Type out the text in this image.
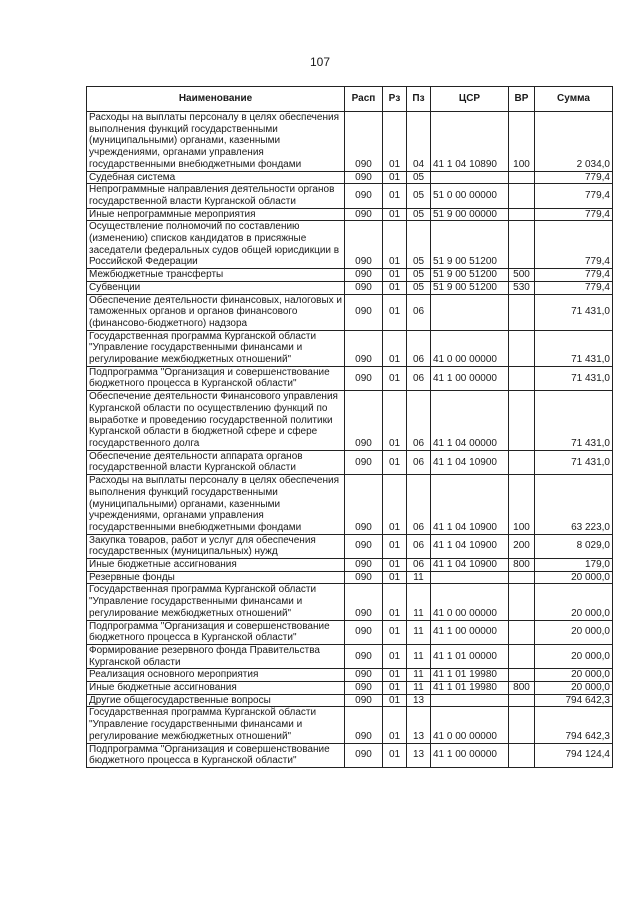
107
Наименование	Расп	Рз	Пз	ЦСР	ВР	Сумма
Расходы на выплаты персоналу в целях обеспечения выполнения функций государственными (муниципальными) органами, казенными учреждениями, органами управления государственными внебюджетными фондами	090	01	04	41 1 04 10890	100	2 034,0
Судебная система	090	01	05			779,4
Непрограммные направления деятельности органов государственной власти Курганской области	090	01	05	51 0 00 00000		779,4
Иные непрограммные мероприятия	090	01	05	51 9 00 00000		779,4
Осуществление полномочий по составлению (изменению) списков кандидатов в присяжные заседатели федеральных судов общей юрисдикции в Российской Федерации	090	01	05	51 9 00 51200		779,4
Межбюджетные трансферты	090	01	05	51 9 00 51200	500	779,4
Субвенции	090	01	05	51 9 00 51200	530	779,4
Обеспечение деятельности финансовых, налоговых и таможенных органов и органов финансового (финансово-бюджетного) надзора	090	01	06			71 431,0
Государственная программа Курганской области "Управление государственными финансами и регулирование межбюджетных отношений"	090	01	06	41 0 00 00000		71 431,0
Подпрограмма "Организация и совершенствование бюджетного процесса в Курганской области"	090	01	06	41 1 00 00000		71 431,0
Обеспечение деятельности Финансового управления Курганской области по осуществлению функций по выработке и проведению государственной политики Курганской области в бюджетной сфере и сфере государственного долга	090	01	06	41 1 04 00000		71 431,0
Обеспечение деятельности аппарата органов государственной власти Курганской области	090	01	06	41 1 04 10900		71 431,0
Расходы на выплаты персоналу в целях обеспечения выполнения функций государственными (муниципальными) органами, казенными учреждениями, органами управления государственными внебюджетными фондами	090	01	06	41 1 04 10900	100	63 223,0
Закупка товаров, работ и услуг для обеспечения государственных (муниципальных) нужд	090	01	06	41 1 04 10900	200	8 029,0
Иные бюджетные ассигнования	090	01	06	41 1 04 10900	800	179,0
Резервные фонды	090	01	11			20 000,0
Государственная программа Курганской области "Управление государственными финансами и регулирование межбюджетных отношений"	090	01	11	41 0 00 00000		20 000,0
Подпрограмма "Организация и совершенствование бюджетного процесса в Курганской области"	090	01	11	41 1 00 00000		20 000,0
Формирование резервного фонда Правительства Курганской области	090	01	11	41 1 01 00000		20 000,0
Реализация основного мероприятия	090	01	11	41 1 01 19980		20 000,0
Иные бюджетные ассигнования	090	01	11	41 1 01 19980	800	20 000,0
Другие общегосударственные вопросы	090	01	13			794 642,3
Государственная программа Курганской области "Управление государственными финансами и регулирование межбюджетных отношений"	090	01	13	41 0 00 00000		794 642,3
Подпрограмма "Организация и совершенствование бюджетного процесса в Курганской области"	090	01	13	41 1 00 00000		794 124,4
